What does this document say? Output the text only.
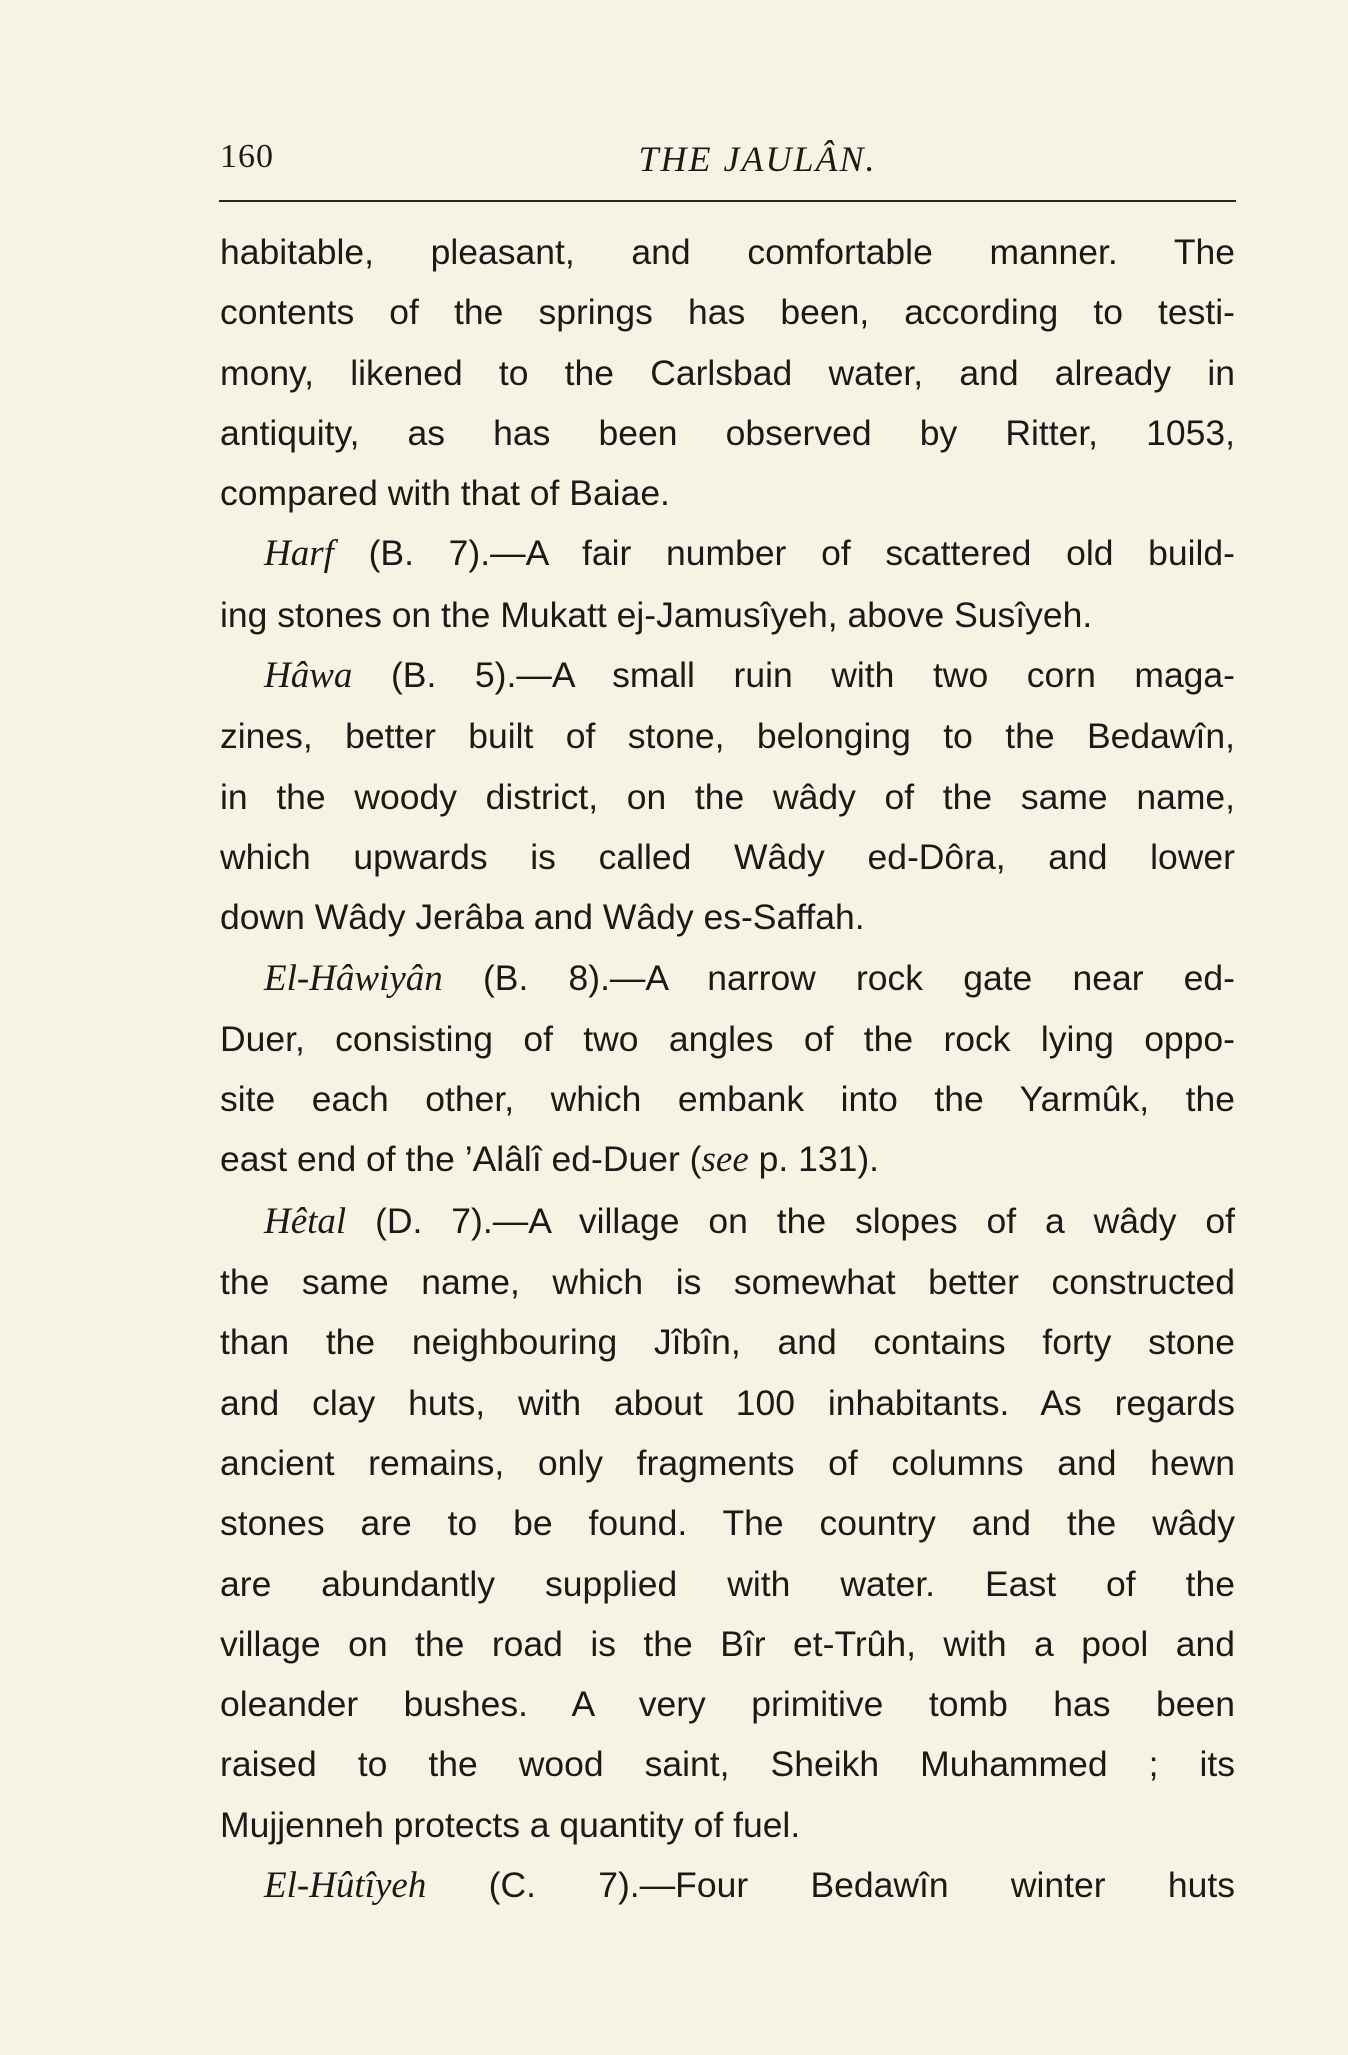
160	THE JAULÂN.
habitable, pleasant, and comfortable manner. The
contents of the springs has been, according to testi-
mony, likened to the Carlsbad water, and already in
antiquity, as has been observed by Ritter, 1053,
compared with that of Baiae.
Harf (B. 7).—A fair number of scattered old build-
ing stones on the Mukatt ej-Jamusîyeh, above Susîyeh.
Hâwa (B. 5).—A small ruin with two corn maga-
zines, better built of stone, belonging to the Bedawîn,
in the woody district, on the wâdy of the same name,
which upwards is called Wâdy ed-Dôra, and lower
down Wâdy Jerâba and Wâdy es-Saffah.
El-Hâwiyân (B. 8).—A narrow rock gate near ed-
Duer, consisting of two angles of the rock lying oppo-
site each other, which embank into the Yarmûk, the
east end of the ’Alâlî ed-Duer (see p. 131).
Hêtal (D. 7).—A village on the slopes of a wâdy of
the same name, which is somewhat better constructed
than the neighbouring Jîbîn, and contains forty stone
and clay huts, with about 100 inhabitants. As regards
ancient remains, only fragments of columns and hewn
stones are to be found. The country and the wâdy
are abundantly supplied with water. East of the
village on the road is the Bîr et-Trûh, with a pool and
oleander bushes. A very primitive tomb has been
raised to the wood saint, Sheikh Muhammed ; its
Mujjenneh protects a quantity of fuel.
El-Hûtîyeh (C. 7).—Four Bedawîn winter huts
